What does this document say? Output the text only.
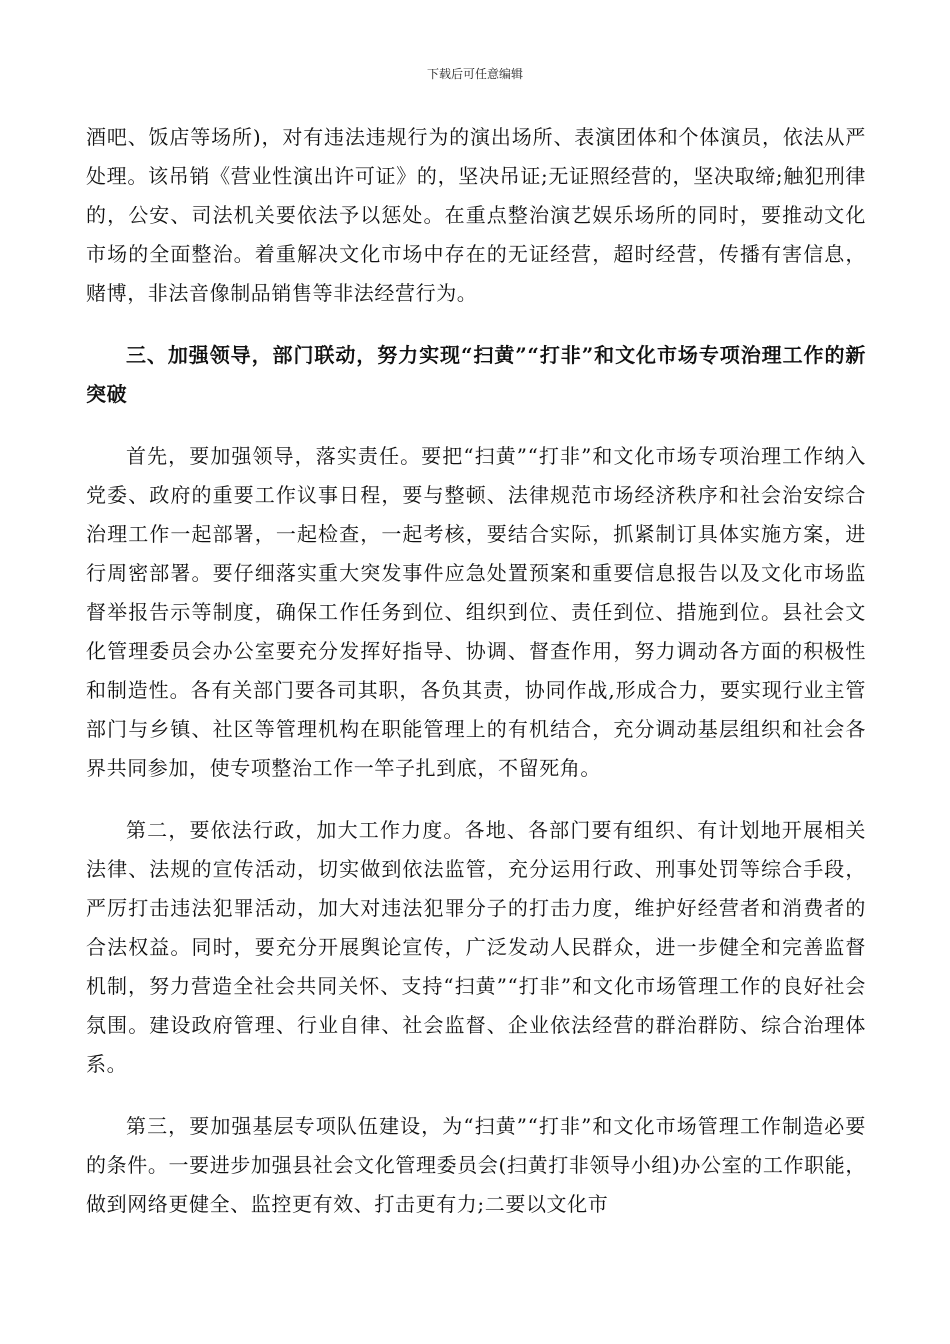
下载后可任意编辑

酒吧、饭店等场所)，对有违法违规行为的演出场所、表演团体和个体演员，依法从严处理。该吊销《营业性演出许可证》的，坚决吊证;无证照经营的，坚决取缔;触犯刑律的，公安、司法机关要依法予以惩处。在重点整治演艺娱乐场所的同时，要推动文化市场的全面整治。着重解决文化市场中存在的无证经营，超时经营，传播有害信息，赌博，非法音像制品销售等非法经营行为。

三、加强领导，部门联动，努力实现“扫黄”“打非”和文化市场专项治理工作的新突破

首先，要加强领导，落实责任。要把“扫黄”“打非”和文化市场专项治理工作纳入党委、政府的重要工作议事日程，要与整顿、法律规范市场经济秩序和社会治安综合治理工作一起部署，一起检查，一起考核，要结合实际，抓紧制订具体实施方案，进行周密部署。要仔细落实重大突发事件应急处置预案和重要信息报告以及文化市场监督举报告示等制度，确保工作任务到位、组织到位、责任到位、措施到位。县社会文化管理委员会办公室要充分发挥好指导、协调、督查作用，努力调动各方面的积极性和制造性。各有关部门要各司其职，各负其责，协同作战,形成合力，要实现行业主管部门与乡镇、社区等管理机构在职能管理上的有机结合，充分调动基层组织和社会各界共同参加，使专项整治工作一竿子扎到底，不留死角。

第二，要依法行政，加大工作力度。各地、各部门要有组织、有计划地开展相关法律、法规的宣传活动，切实做到依法监管，充分运用行政、刑事处罚等综合手段，严厉打击违法犯罪活动，加大对违法犯罪分子的打击力度，维护好经营者和消费者的合法权益。同时，要充分开展舆论宣传，广泛发动人民群众，进一步健全和完善监督机制，努力营造全社会共同关怀、支持“扫黄”“打非”和文化市场管理工作的良好社会氛围。建设政府管理、行业自律、社会监督、企业依法经营的群治群防、综合治理体系。

第三，要加强基层专项队伍建设，为“扫黄”“打非”和文化市场管理工作制造必要的条件。一要进步加强县社会文化管理委员会(扫黄打非领导小组)办公室的工作职能，做到网络更健全、监控更有效、打击更有力;二要以文化市
